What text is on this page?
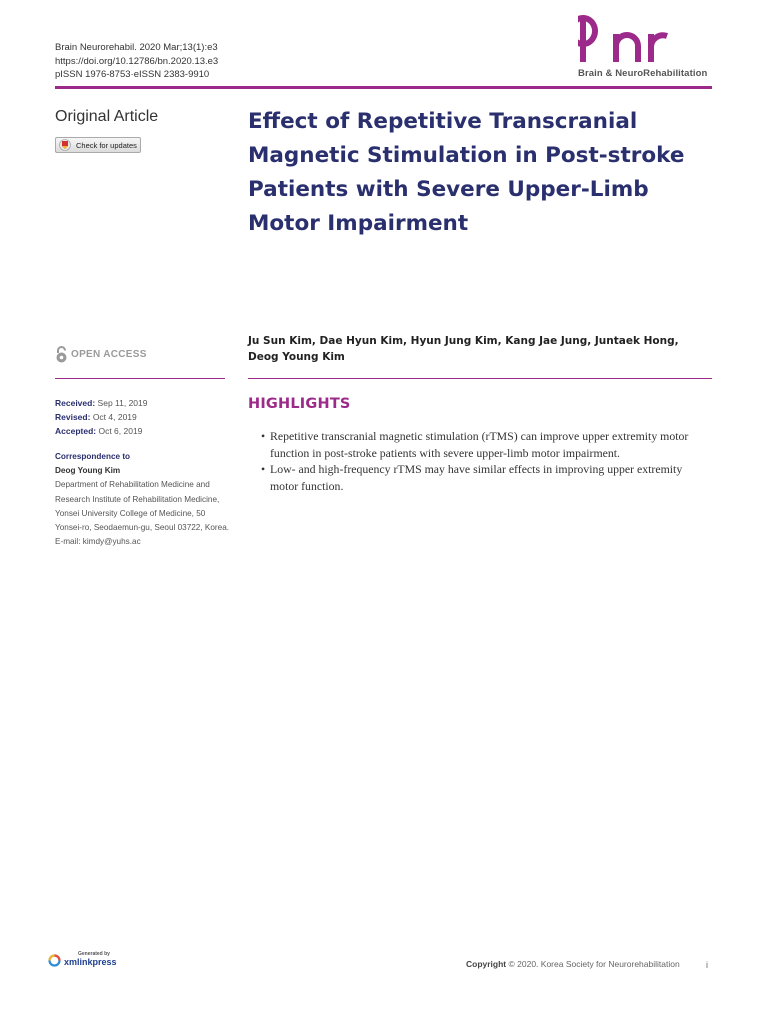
Brain Neurorehabil. 2020 Mar;13(1):e3
https://doi.org/10.12786/bn.2020.13.e3
pISSN 1976-8753·eISSN 2383-9910	Brain & NeuroRehabilitation
Original Article
Check for updates
OPEN ACCESS
Received: Sep 11, 2019
Revised: Oct 4, 2019
Accepted: Oct 6, 2019
Correspondence to
Deog Young Kim
Department of Rehabilitation Medicine and
Research Institute of Rehabilitation Medicine,
Yonsei University College of Medicine, 50
Yonsei-ro, Seodaemun-gu, Seoul 03722, Korea.
E-mail: kimdy@yuhs.ac
Effect of Repetitive Transcranial Magnetic Stimulation in Post-stroke Patients with Severe Upper-Limb Motor Impairment
Ju Sun Kim, Dae Hyun Kim, Hyun Jung Kim, Kang Jae Jung, Juntaek Hong, Deog Young Kim
HIGHLIGHTS
• Repetitive transcranial magnetic stimulation (rTMS) can improve upper extremity motor function in post-stroke patients with severe upper-limb motor impairment.
• Low- and high-frequency rTMS may have similar effects in improving upper extremity motor function.
Generated by
xmlinkpress	Copyright © 2020. Korea Society for Neurorehabilitation	i
